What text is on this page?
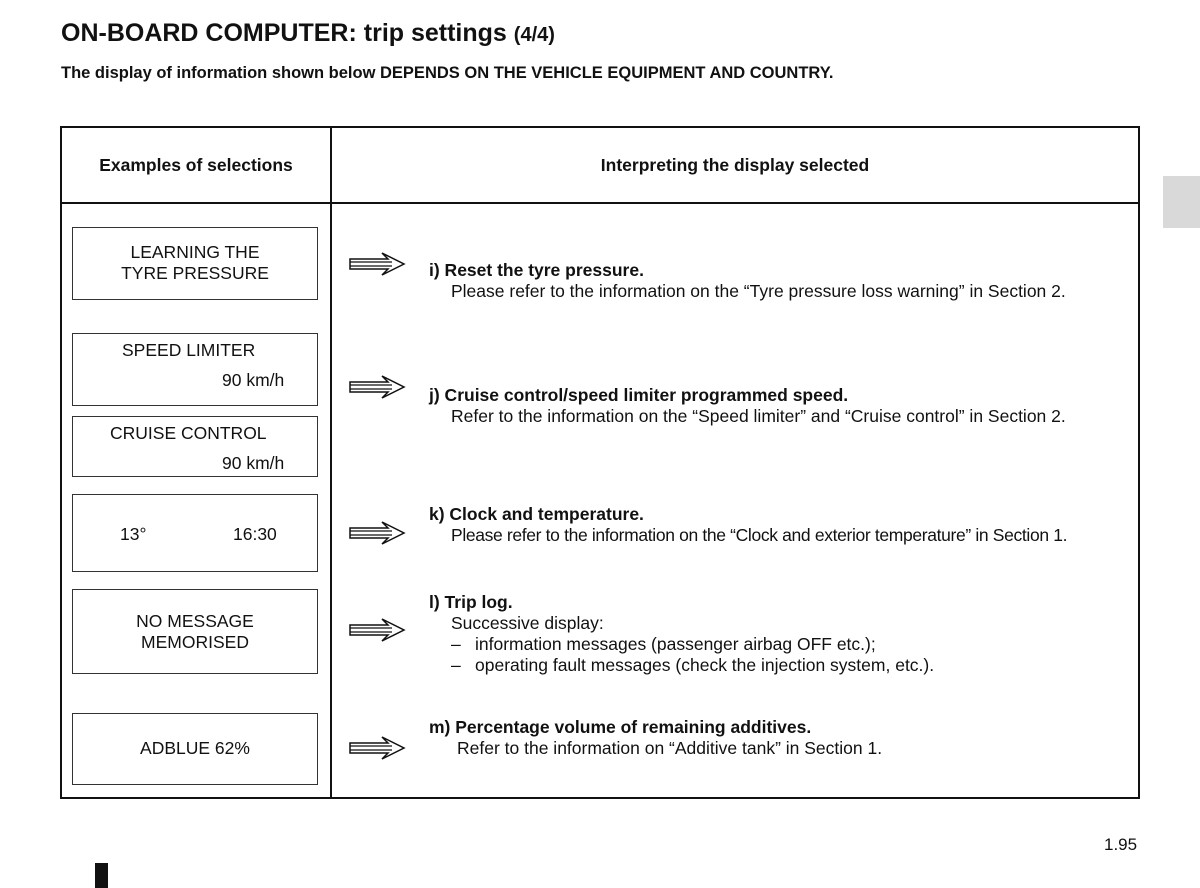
ON-BOARD COMPUTER: trip settings (4/4)
The display of information shown below DEPENDS ON THE VEHICLE EQUIPMENT AND COUNTRY.
Examples of selections	Interpreting the display selected
LEARNING THE
TYRE PRESSURE
SPEED LIMITER
90 km/h
CRUISE CONTROL
90 km/h
13°	16:30
NO MESSAGE
MEMORISED
ADBLUE 62%
i) Reset the tyre pressure.
Please refer to the information on the “Tyre pressure loss warning” in Section 2.
j) Cruise control/speed limiter programmed speed.
Refer to the information on the “Speed limiter” and “Cruise control” in Section 2.
k) Clock and temperature.
Please refer to the information on the “Clock and exterior temperature” in Section 1.
l) Trip log.
Successive display:
– information messages (passenger airbag OFF etc.);
– operating fault messages (check the injection system, etc.).
m) Percentage volume of remaining additives.
Refer to the information on “Additive tank” in Section 1.
1.95
